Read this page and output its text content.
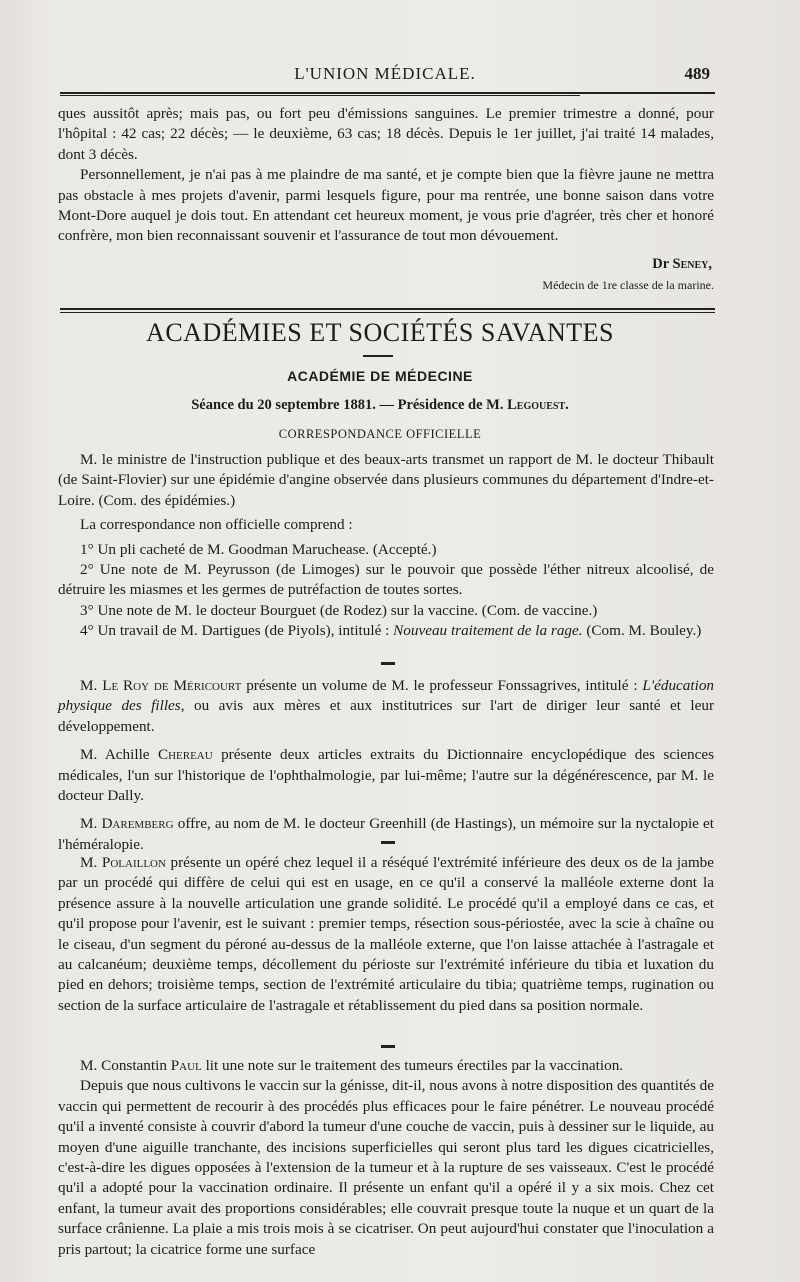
L'UNION MÉDICALE.	489

ques aussitôt après; mais pas, ou fort peu d'émissions sanguines. Le premier trimestre a donné, pour l'hôpital : 42 cas; 22 décès; — le deuxième, 63 cas; 18 décès. Depuis le 1er juillet, j'ai traité 14 malades, dont 3 décès.

Personnellement, je n'ai pas à me plaindre de ma santé, et je compte bien que la fièvre jaune ne mettra pas obstacle à mes projets d'avenir, parmi lesquels figure, pour ma rentrée, une bonne saison dans votre Mont-Dore auquel je dois tout. En attendant cet heureux moment, je vous prie d'agréer, très cher et honoré confrère, mon bien reconnaissant souvenir et l'assurance de tout mon dévouement.

Dr Seney,
Médecin de 1re classe de la marine.
ACADÉMIES ET SOCIÉTÉS SAVANTES
ACADÉMIE DE MÉDECINE
Séance du 20 septembre 1881. — Présidence de M. Legouest.
CORRESPONDANCE OFFICIELLE

M. le ministre de l'instruction publique et des beaux-arts transmet un rapport de M. le docteur Thibault (de Saint-Flovier) sur une épidémie d'angine observée dans plusieurs communes du département d'Indre-et-Loire. (Com. des épidémies.)

La correspondance non officielle comprend :

1° Un pli cacheté de M. Goodman Maruchease. (Accepté.)

2° Une note de M. Peyrusson (de Limoges) sur le pouvoir que possède l'éther nitreux alcoolisé, de détruire les miasmes et les germes de putréfaction de toutes sortes.

3° Une note de M. le docteur Bourguet (de Rodez) sur la vaccine. (Com. de vaccine.)

4° Un travail de M. Dartigues (de Piyols), intitulé : Nouveau traitement de la rage. (Com. M. Bouley.)

M. Le Roy de Méricourt présente un volume de M. le professeur Fonssagrives, intitulé : L'éducation physique des filles, ou avis aux mères et aux institutrices sur l'art de diriger leur santé et leur développement.

M. Achille Chereau présente deux articles extraits du Dictionnaire encyclopédique des sciences médicales, l'un sur l'historique de l'ophthalmologie, par lui-même; l'autre sur la dégénérescence, par M. le docteur Dally.

M. Daremberg offre, au nom de M. le docteur Greenhill (de Hastings), un mémoire sur la nyctalopie et l'héméralopie.

M. Polaillon présente un opéré chez lequel il a réséqué l'extrémité inférieure des deux os de la jambe par un procédé qui diffère de celui qui est en usage, en ce qu'il a conservé la malléole externe dont la présence assure à la nouvelle articulation une grande solidité. Le procédé qu'il a employé dans ce cas, et qu'il propose pour l'avenir, est le suivant : premier temps, résection sous-périostée, avec la scie à chaîne ou le ciseau, d'un segment du péroné au-dessus de la malléole externe, que l'on laisse attachée à l'astragale et au calcanéum; deuxième temps, décollement du périoste sur l'extrémité inférieure du tibia et luxation du pied en dehors; troisième temps, section de l'extrémité articulaire du tibia; quatrième temps, rugination ou section de la surface articulaire de l'astragale et rétablissement du pied dans sa position normale.

M. Constantin Paul lit une note sur le traitement des tumeurs érectiles par la vaccination.

Depuis que nous cultivons le vaccin sur la génisse, dit-il, nous avons à notre disposition des quantités de vaccin qui permettent de recourir à des procédés plus efficaces pour le faire pénétrer. Le nouveau procédé qu'il a inventé consiste à couvrir d'abord la tumeur d'une couche de vaccin, puis à dessiner sur le liquide, au moyen d'une aiguille tranchante, des incisions superficielles qui seront plus tard les digues cicatricielles, c'est-à-dire les digues opposées à l'extension de la tumeur et à la rupture de ses vaisseaux. C'est le procédé qu'il a adopté pour la vaccination ordinaire. Il présente un enfant qu'il a opéré il y a six mois. Chez cet enfant, la tumeur avait des proportions considérables; elle couvrait presque toute la nuque et un quart de la surface crânienne. La plaie a mis trois mois à se cicatriser. On peut aujourd'hui constater que l'inoculation a pris partout; la cicatrice forme une surface
